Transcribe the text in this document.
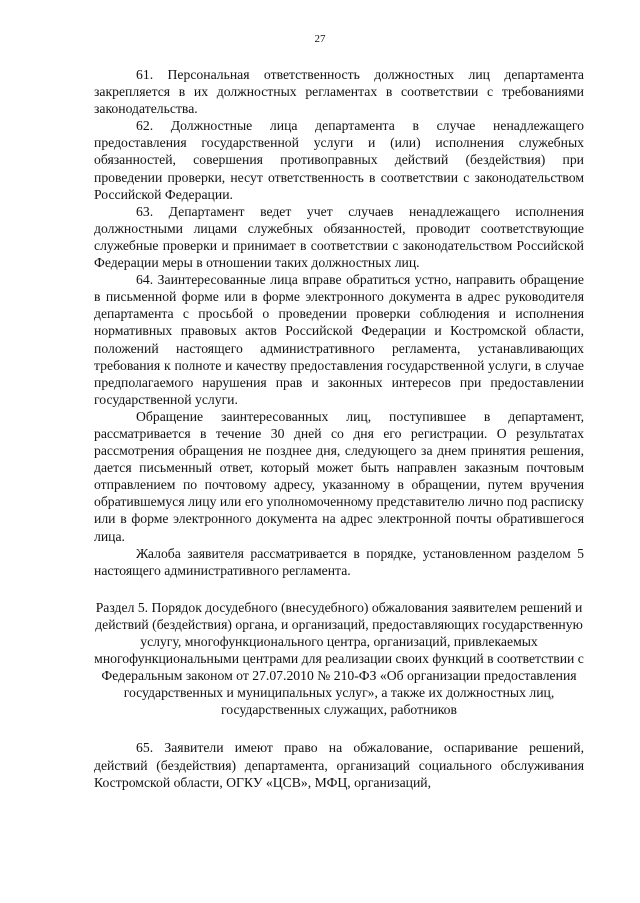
27

61. Персональная ответственность должностных лиц департамента закрепляется в их должностных регламентах в соответствии с требованиями законодательства.

62. Должностные лица департамента в случае ненадлежащего предоставления государственной услуги и (или) исполнения служебных обязанностей, совершения противоправных действий (бездействия) при проведении проверки, несут ответственность в соответствии с законодательством Российской Федерации.

63. Департамент ведет учет случаев ненадлежащего исполнения должностными лицами служебных обязанностей, проводит соответствующие служебные проверки и принимает в соответствии с законодательством Российской Федерации меры в отношении таких должностных лиц.

64. Заинтересованные лица вправе обратиться устно, направить обращение в письменной форме или в форме электронного документа в адрес руководителя департамента с просьбой о проведении проверки соблюдения и исполнения нормативных правовых актов Российской Федерации и Костромской области, положений настоящего административного регламента, устанавливающих требования к полноте и качеству предоставления государственной услуги, в случае предполагаемого нарушения прав и законных интересов при предоставлении государственной услуги.

Обращение заинтересованных лиц, поступившее в департамент, рассматривается в течение 30 дней со дня его регистрации. О результатах рассмотрения обращения не позднее дня, следующего за днем принятия решения, дается письменный ответ, который может быть направлен заказным почтовым отправлением по почтовому адресу, указанному в обращении, путем вручения обратившемуся лицу или его уполномоченному представителю лично под расписку или в форме электронного документа на адрес электронной почты обратившегося лица.

Жалоба заявителя рассматривается в порядке, установленном разделом 5 настоящего административного регламента.

Раздел 5. Порядок досудебного (внесудебного) обжалования заявителем решений и действий (бездействия) органа, и организаций, предоставляющих государственную услугу, многофункционального центра, организаций, привлекаемых многофункциональными центрами для реализации своих функций в соответствии с Федеральным законом от 27.07.2010 № 210-ФЗ «Об организации предоставления государственных и муниципальных услуг», а также их должностных лиц, государственных служащих, работников

65. Заявители имеют право на обжалование, оспаривание решений, действий (бездействия) департамента, организаций социального обслуживания Костромской области, ОГКУ «ЦСВ», МФЦ, организаций,
